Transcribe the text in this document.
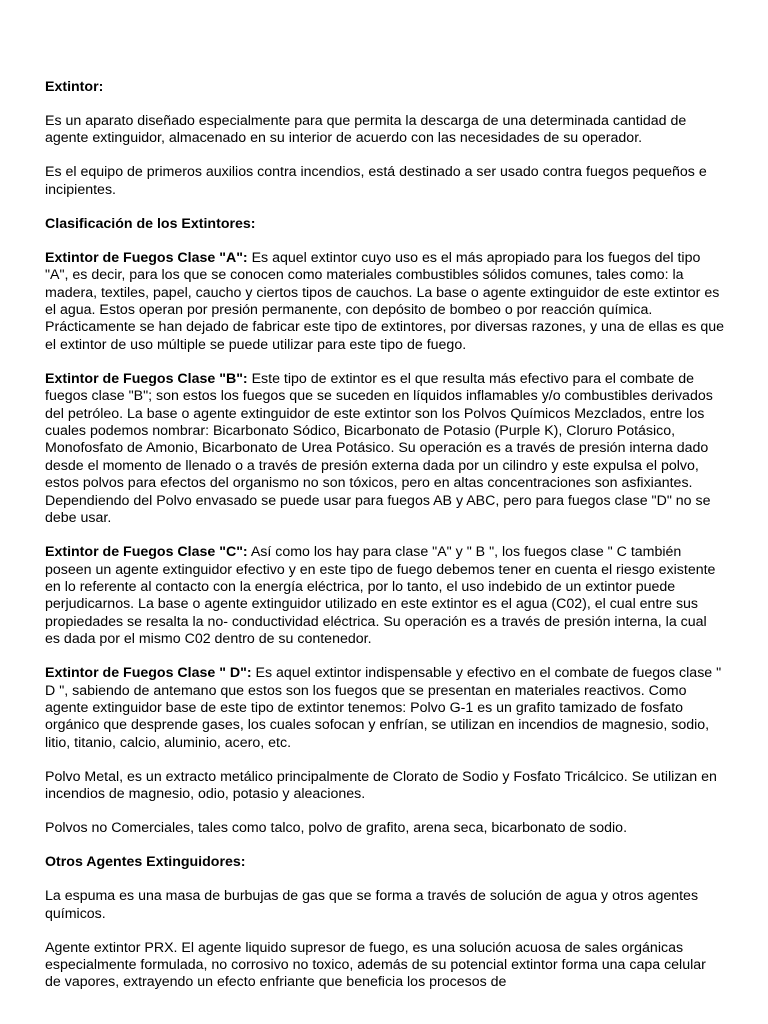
Extintor:

Es un aparato diseñado especialmente para que permita la descarga de una determinada cantidad de agente extinguidor, almacenado en su interior de acuerdo con las necesidades de su operador.

Es el equipo de primeros auxilios contra incendios, está destinado a ser usado contra fuegos pequeños e incipientes.

Clasificación de los Extintores:

Extintor de Fuegos Clase "A": Es aquel extintor cuyo uso es el más apropiado para los fuegos del tipo "A", es decir, para los que se conocen como materiales combustibles sólidos comunes, tales como: la madera, textiles, papel, caucho y ciertos tipos de cauchos. La base o agente extinguidor de este extintor es el agua. Estos operan por presión permanente, con depósito de bombeo o por reacción química. Prácticamente se han dejado de fabricar este tipo de extintores, por diversas razones, y una de ellas es que el extintor de uso múltiple se puede utilizar para este tipo de fuego.

Extintor de Fuegos Clase "B": Este tipo de extintor es el que resulta más efectivo para el combate de fuegos clase "B"; son estos los fuegos que se suceden en líquidos inflamables y/o combustibles derivados del petróleo. La base o agente extinguidor de este extintor son los Polvos Químicos Mezclados, entre los cuales podemos nombrar: Bicarbonato Sódico, Bicarbonato de Potasio (Purple K), Cloruro Potásico, Monofosfato de Amonio, Bicarbonato de Urea Potásico. Su operación es a través de presión interna dado desde el momento de llenado o a través de presión externa dada por un cilindro y este expulsa el polvo, estos polvos para efectos del organismo no son tóxicos, pero en altas concentraciones son asfixiantes. Dependiendo del Polvo envasado se puede usar para fuegos AB y ABC, pero para fuegos clase "D" no se debe usar.

Extintor de Fuegos Clase "C": Así como los hay para clase "A" y " B ", los fuegos clase " C también poseen un agente extinguidor efectivo y en este tipo de fuego debemos tener en cuenta el riesgo existente en lo referente al contacto con la energía eléctrica, por lo tanto, el uso indebido de un extintor puede perjudicarnos. La base o agente extinguidor utilizado en este extintor es el agua (C02), el cual entre sus propiedades se resalta la no- conductividad eléctrica. Su operación es a través de presión interna, la cual es dada por el mismo C02 dentro de su contenedor.

Extintor de Fuegos Clase " D": Es aquel extintor indispensable y efectivo en el combate de fuegos clase " D ", sabiendo de antemano que estos son los fuegos que se presentan en materiales reactivos. Como agente extinguidor base de este tipo de extintor tenemos: Polvo G-1 es un grafito tamizado de fosfato orgánico que desprende gases, los cuales sofocan y enfrían, se utilizan en incendios de magnesio, sodio, litio, titanio, calcio, aluminio, acero, etc.

Polvo Metal, es un extracto metálico principalmente de Clorato de Sodio y Fosfato Tricálcico. Se utilizan en incendios de magnesio, odio, potasio y aleaciones.

Polvos no Comerciales, tales como talco, polvo de grafito, arena seca, bicarbonato de sodio.

Otros Agentes Extinguidores:

La espuma es una masa de burbujas de gas que se forma a través de solución de agua y otros agentes químicos.

Agente extintor PRX. El agente liquido supresor de fuego, es una solución acuosa de sales orgánicas especialmente formulada, no corrosivo no toxico, además de su potencial extintor forma una capa celular de vapores, extrayendo un efecto enfriante que beneficia los procesos de
